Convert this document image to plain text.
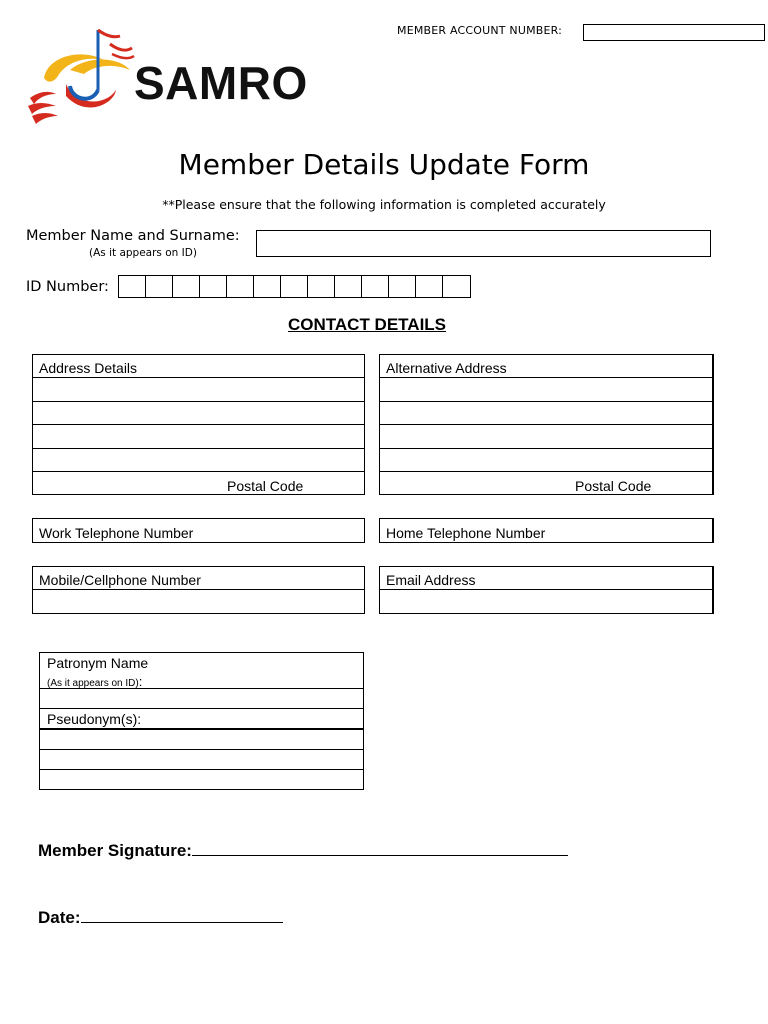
MEMBER ACCOUNT NUMBER:
SAMRO
Member Details Update Form
**Please ensure that the following information is completed accurately
Member Name and Surname:
(As it appears on ID)
ID Number:
CONTACT DETAILS
Address Details
Postal Code
Alternative Address
Postal Code
Work Telephone Number	Home Telephone Number
Mobile/Cellphone Number	Email Address
Patronym Name
(As it appears on ID):
Pseudonym(s):
Member Signature:
Date:
